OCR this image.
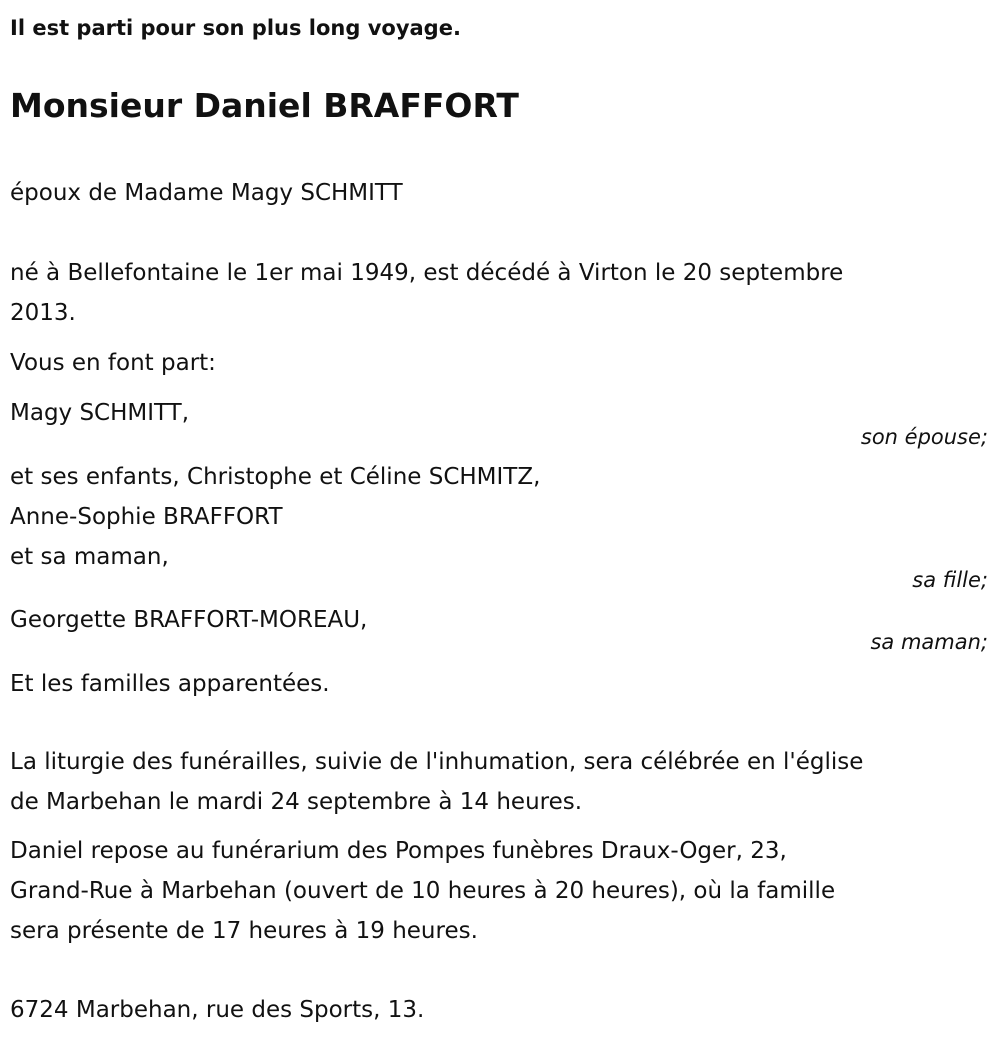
Il est parti pour son plus long voyage.
Monsieur Daniel BRAFFORT
époux de Madame Magy SCHMITT
né à Bellefontaine le 1er mai 1949, est décédé à Virton le 20 septembre
2013.
Vous en font part:
Magy SCHMITT,
son épouse;
et ses enfants, Christophe et Céline SCHMITZ,
Anne-Sophie BRAFFORT
et sa maman,
sa fille;
Georgette BRAFFORT-MOREAU,
sa maman;
Et les familles apparentées.
La liturgie des funérailles, suivie de l'inhumation, sera célébrée en l'église
de Marbehan le mardi 24 septembre à 14 heures.
Daniel repose au funérarium des Pompes funèbres Draux-Oger, 23,
Grand-Rue à Marbehan (ouvert de 10 heures à 20 heures), où la famille
sera présente de 17 heures à 19 heures.
6724 Marbehan, rue des Sports, 13.
